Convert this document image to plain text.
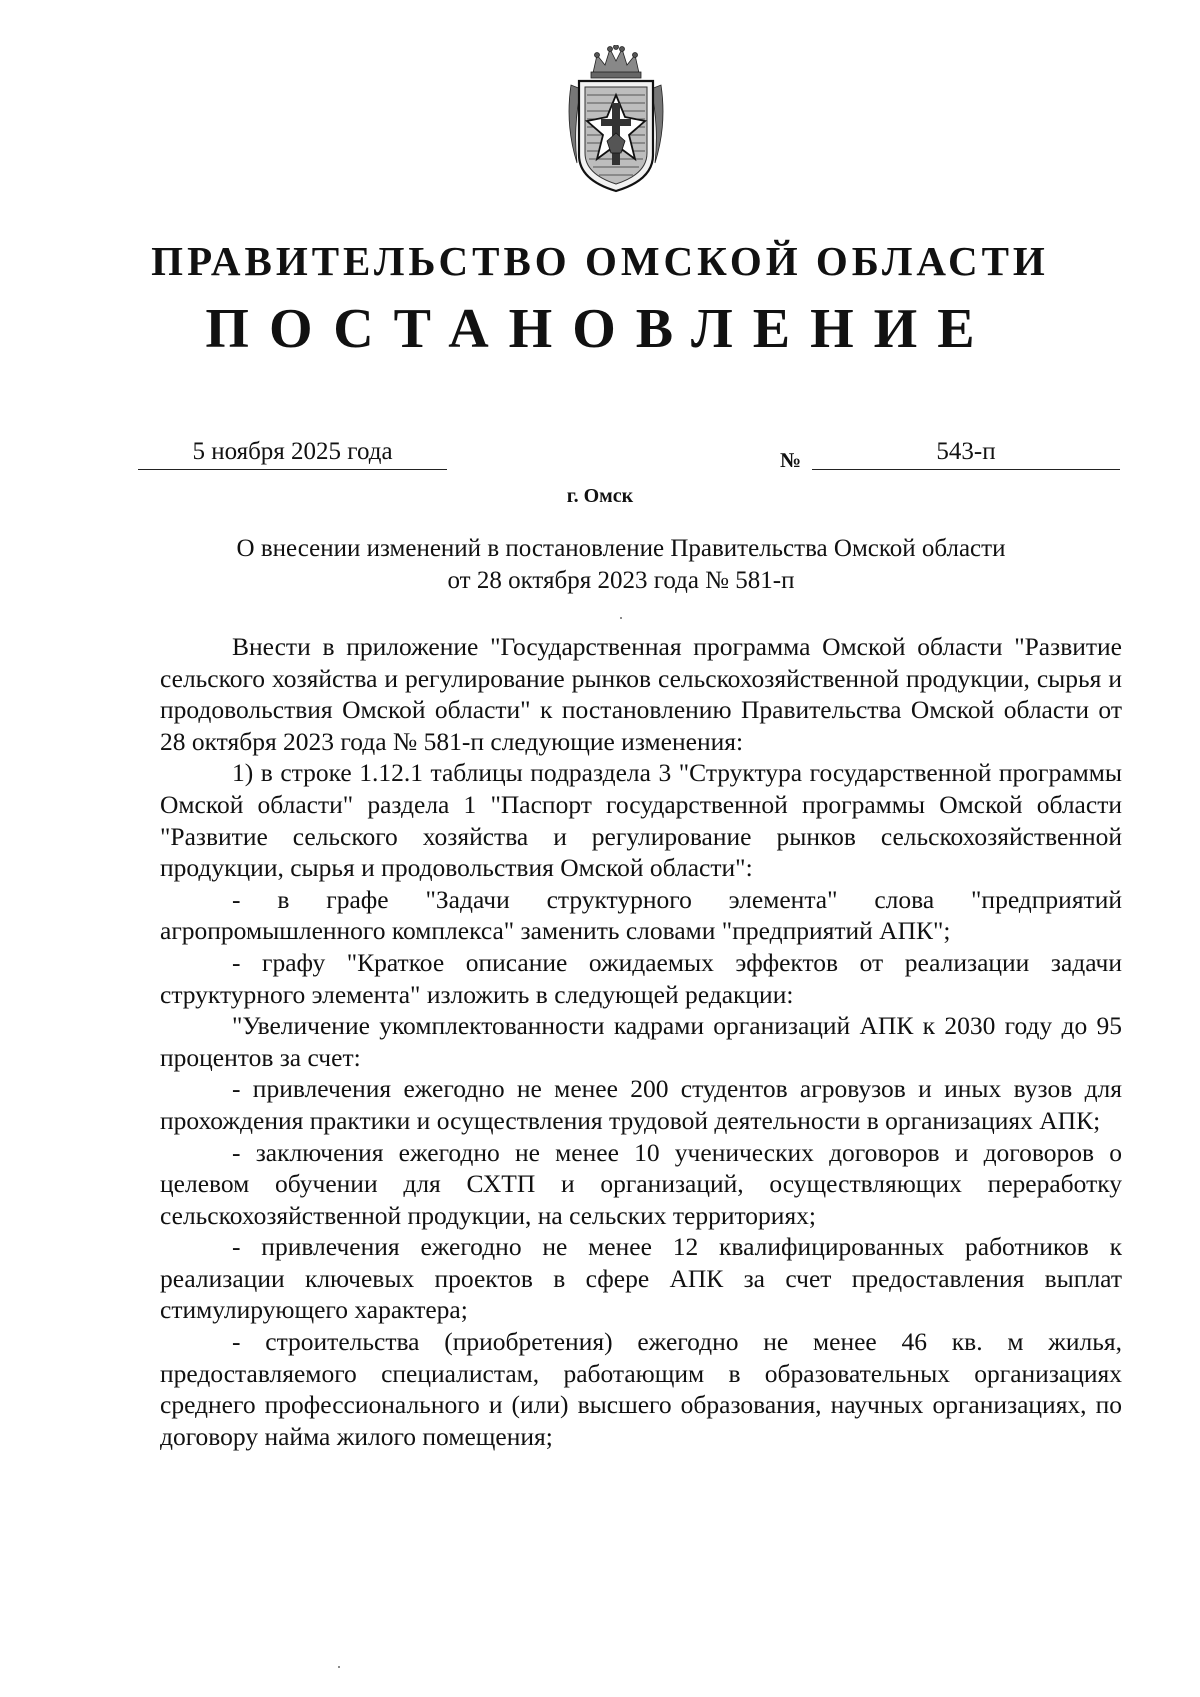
ПРАВИТЕЛЬСТВО ОМСКОЙ ОБЛАСТИ
ПОСТАНОВЛЕНИЕ
5 ноября 2025 года	№	543-п
г. Омск
О внесении изменений в постановление Правительства Омской области
от 28 октября 2023 года № 581-п

Внести в приложение "Государственная программа Омской области "Развитие сельского хозяйства и регулирование рынков сельскохозяйственной продукции, сырья и продовольствия Омской области" к постановлению Правительства Омской области от 28 октября 2023 года № 581-п следующие изменения:

1) в строке 1.12.1 таблицы подраздела 3 "Структура государственной программы Омской области" раздела 1 "Паспорт государственной программы Омской области "Развитие сельского хозяйства и регулирование рынков сельскохозяйственной продукции, сырья и продовольствия Омской области":

- в графе "Задачи структурного элемента" слова "предприятий агропромышленного комплекса" заменить словами "предприятий АПК";

- графу "Краткое описание ожидаемых эффектов от реализации задачи структурного элемента" изложить в следующей редакции:

"Увеличение укомплектованности кадрами организаций АПК к 2030 году до 95 процентов за счет:

- привлечения ежегодно не менее 200 студентов агровузов и иных вузов для прохождения практики и осуществления трудовой деятельности в организациях АПК;

- заключения ежегодно не менее 10 ученических договоров и договоров о целевом обучении для СХТП и организаций, осуществляющих переработку сельскохозяйственной продукции, на сельских территориях;

- привлечения ежегодно не менее 12 квалифицированных работников к реализации ключевых проектов в сфере АПК за счет предоставления выплат стимулирующего характера;

- строительства (приобретения) ежегодно не менее 46 кв. м жилья, предоставляемого специалистам, работающим в образовательных организациях среднего профессионального и (или) высшего образования, научных организациях, по договору найма жилого помещения;
